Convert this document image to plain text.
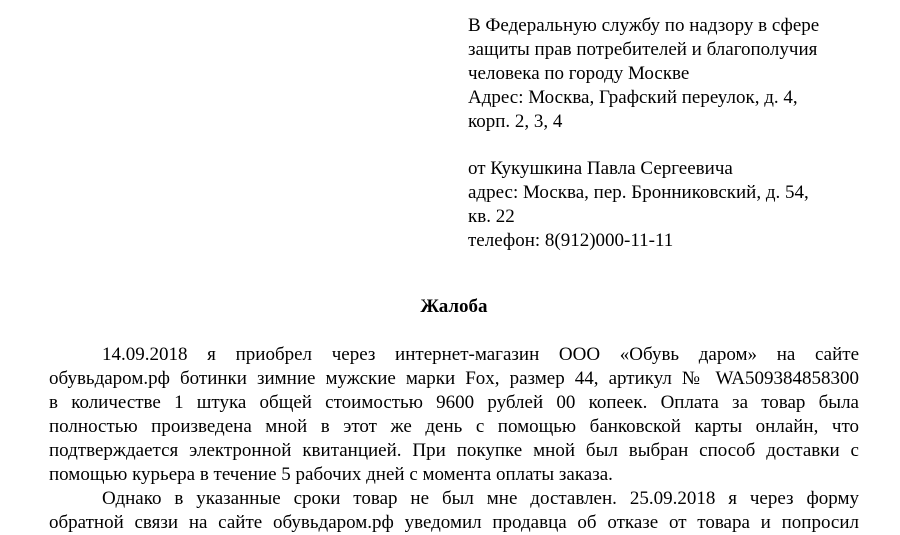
В Федеральную службу по надзору в сфере
защиты прав потребителей и благополучия
человека по городу Москве
Адрес: Москва, Графский переулок, д. 4,
корп. 2, 3, 4
от Кукушкина Павла Сергеевича
адрес: Москва, пер. Бронниковский, д. 54,
кв. 22
телефон: 8(912)000-11-11
Жалоба
14.09.2018 я приобрел через интернет-магазин ООО «Обувь даром» на сайте
обувьдаром.рф ботинки зимние мужские марки Fox, размер 44, артикул № WA509384858300
в количестве 1 штука общей стоимостью 9600 рублей 00 копеек. Оплата за товар была
полностью произведена мной в этот же день с помощью банковской карты онлайн, что
подтверждается электронной квитанцией. При покупке мной был выбран способ доставки с
помощью курьера в течение 5 рабочих дней с момента оплаты заказа.
Однако в указанные сроки товар не был мне доставлен. 25.09.2018 я через форму
обратной связи на сайте обувьдаром.рф уведомил продавца об отказе от товара и попросил
